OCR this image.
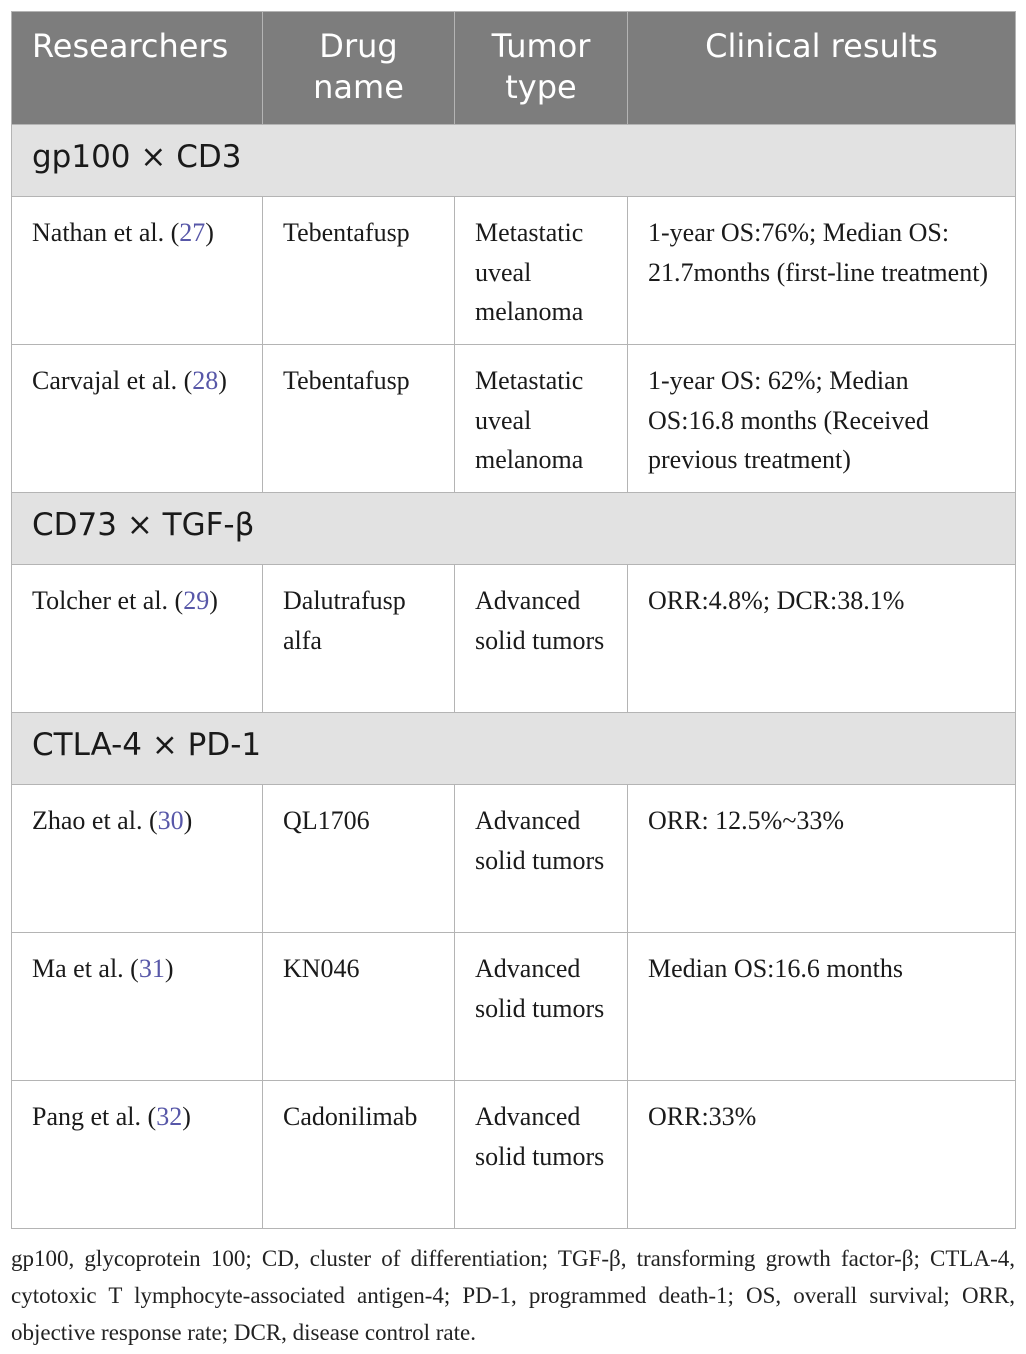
Researchers	Drug name	Tumor type	Clinical results
gp100 × CD3			
Nathan et al. (27)	Tebentafusp	Metastatic uveal melanoma	1-year OS:76%; Median OS: 21.7months (first-line treatment)
Carvajal et al. (28)	Tebentafusp	Metastatic uveal melanoma	1-year OS: 62%; Median OS:16.8 months (Received previous treatment)
CD73 × TGF-β			
Tolcher et al. (29)	Dalutrafusp alfa	Advanced solid tumors	ORR:4.8%; DCR:38.1%
CTLA-4 × PD-1			
Zhao et al. (30)	QL1706	Advanced solid tumors	ORR: 12.5%~33%
Ma et al. (31)	KN046	Advanced solid tumors	Median OS:16.6 months
Pang et al. (32)	Cadonilimab	Advanced solid tumors	ORR:33%
gp100, glycoprotein 100; CD, cluster of differentiation; TGF-β, transforming growth factor-β; CTLA-4, cytotoxic T lymphocyte-associated antigen-4; PD-1, programmed death-1; OS, overall survival; ORR, objective response rate; DCR, disease control rate.
